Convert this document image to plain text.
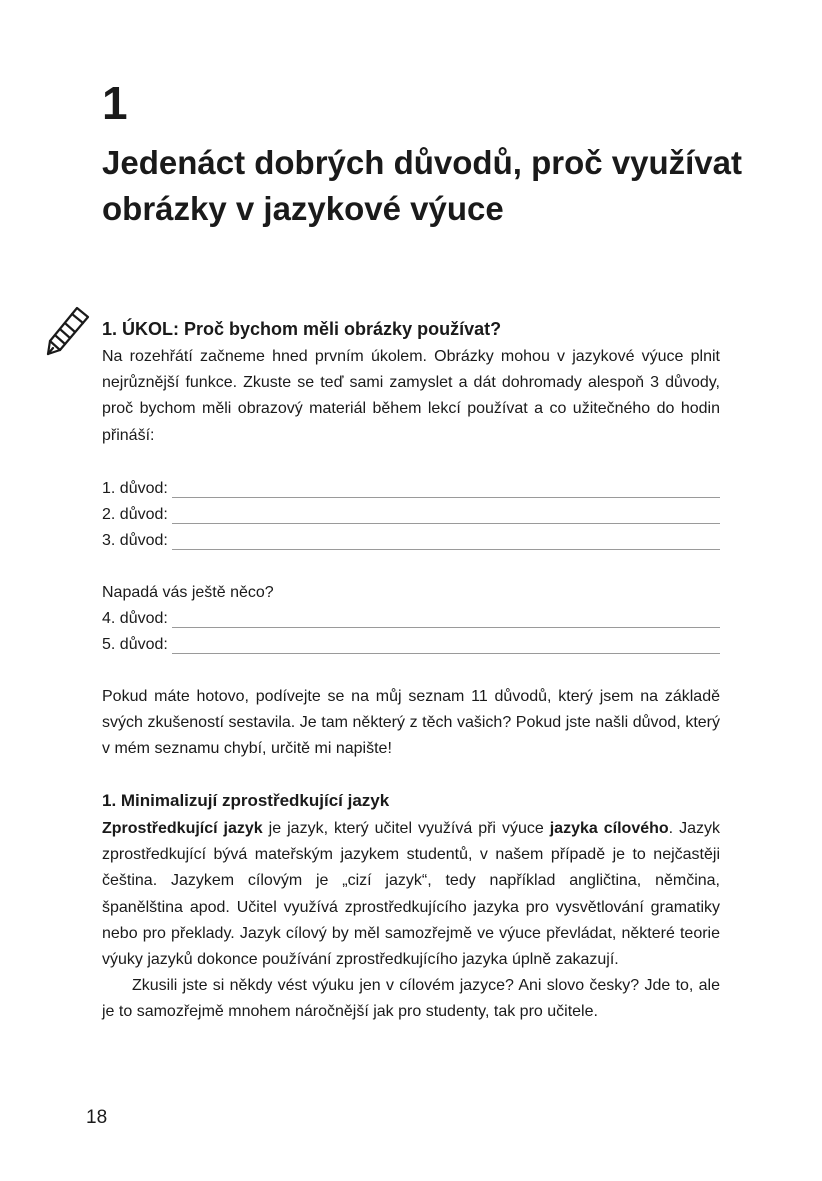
1
Jedenáct dobrých důvodů, proč využívat obrázky v jazykové výuce
1. ÚKOL: Proč bychom měli obrázky používat?

Na rozehřátí začneme hned prvním úkolem. Obrázky mohou v jazykové výuce plnit nejrůznější funkce. Zkuste se teď sami zamyslet a dát dohromady alespoň 3 důvody, proč bychom měli obrazový materiál během lekcí používat a co užitečného do hodin přináší:

1. důvod:
2. důvod:
3. důvod:
Napadá vás ještě něco?
4. důvod:
5. důvod:

Pokud máte hotovo, podívejte se na můj seznam 11 důvodů, který jsem na základě svých zkušeností sestavila. Je tam některý z těch vašich? Pokud jste našli důvod, který v mém seznamu chybí, určitě mi napište!

1. Minimalizují zprostředkující jazyk

Zprostředkující jazyk je jazyk, který učitel využívá při výuce jazyka cílového. Jazyk zprostředkující bývá mateřským jazykem studentů, v našem případě je to nejčastěji čeština. Jazykem cílovým je „cizí jazyk“, tedy například angličtina, němčina, španělština apod. Učitel využívá zprostředkujícího jazyka pro vysvětlování gramatiky nebo pro překlady. Jazyk cílový by měl samozřejmě ve výuce převládat, některé teorie výuky jazyků dokonce používání zprostředkujícího jazyka úplně zakazují.

Zkusili jste si někdy vést výuku jen v cílovém jazyce? Ani slovo česky? Jde to, ale je to samozřejmě mnohem náročnější jak pro studenty, tak pro učitele.

18
